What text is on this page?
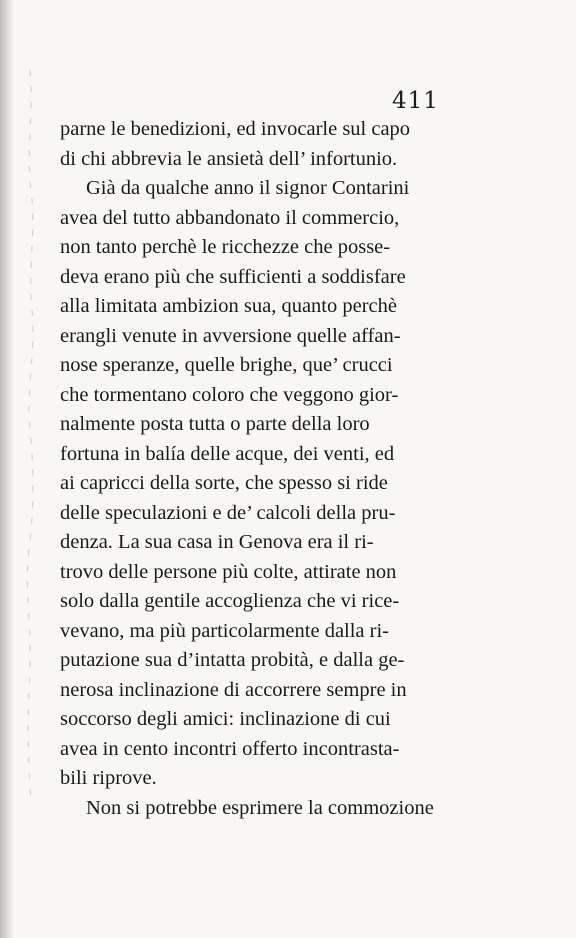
411
parne le benedizioni, ed invocarle sul capo
di chi abbrevia le ansietà dell’ infortunio.
Già da qualche anno il signor Contarini
avea del tutto abbandonato il commercio,
non tanto perchè le ricchezze che posse-
deva erano più che sufficienti a soddisfare
alla limitata ambizion sua, quanto perchè
erangli venute in avversione quelle affan-
nose speranze, quelle brighe, que’ crucci
che tormentano coloro che veggono gior-
nalmente posta tutta o parte della loro
fortuna in balía delle acque, dei venti, ed
ai capricci della sorte, che spesso si ride
delle speculazioni e de’ calcoli della pru-
denza. La sua casa in Genova era il ri-
trovo delle persone più colte, attirate non
solo dalla gentile accoglienza che vi rice-
vevano, ma più particolarmente dalla ri-
putazione sua d’intatta probità, e dalla ge-
nerosa inclinazione di accorrere sempre in
soccorso degli amici: inclinazione di cui
avea in cento incontri offerto incontrasta-
bili riprove.
Non si potrebbe esprimere la commozione
